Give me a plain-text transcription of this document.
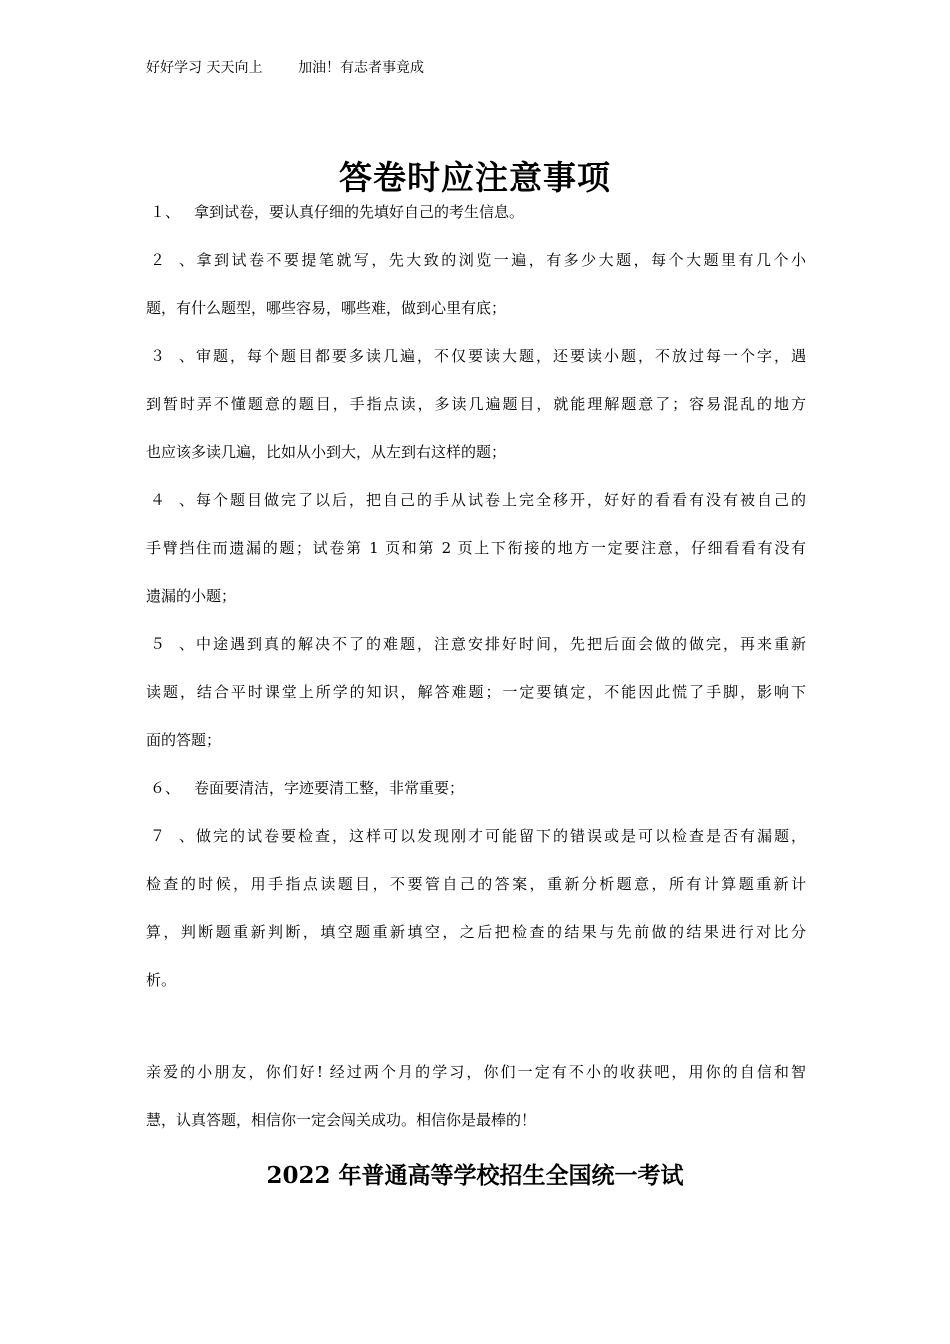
好好学习 天天向上	加油！有志者事竟成
答卷时应注意事项
１、 拿到试卷，要认真仔细的先填好自己的考生信息。
２、拿到试卷不要提笔就写，先大致的浏览一遍，有多少大题，每个大题里有几个小
题，有什么题型，哪些容易，哪些难，做到心里有底；
３、审题，每个题目都要多读几遍，不仅要读大题，还要读小题，不放过每一个字，遇
到暂时弄不懂题意的题目，手指点读，多读几遍题目，就能理解题意了；容易混乱的地方
也应该多读几遍，比如从小到大，从左到右这样的题；
４、每个题目做完了以后，把自己的手从试卷上完全移开，好好的看看有没有被自己的
手臂挡住而遗漏的题；试卷第 1 页和第 2 页上下衔接的地方一定要注意，仔细看看有没有
遗漏的小题；
５、中途遇到真的解决不了的难题，注意安排好时间，先把后面会做的做完，再来重新
读题，结合平时课堂上所学的知识，解答难题；一定要镇定，不能因此慌了手脚，影响下
面的答题；
６、 卷面要清洁，字迹要清工整，非常重要；
７、做完的试卷要检查，这样可以发现刚才可能留下的错误或是可以检查是否有漏题，
检查的时候，用手指点读题目，不要管自己的答案，重新分析题意，所有计算题重新计
算，判断题重新判断，填空题重新填空，之后把检查的结果与先前做的结果进行对比分
析。
亲爱的小朋友，你们好! 经过两个月的学习，你们一定有不小的收获吧，用你的自信和智
慧，认真答题，相信你一定会闯关成功。相信你是最棒的！
2022 年普通高等学校招生全国统一考试
